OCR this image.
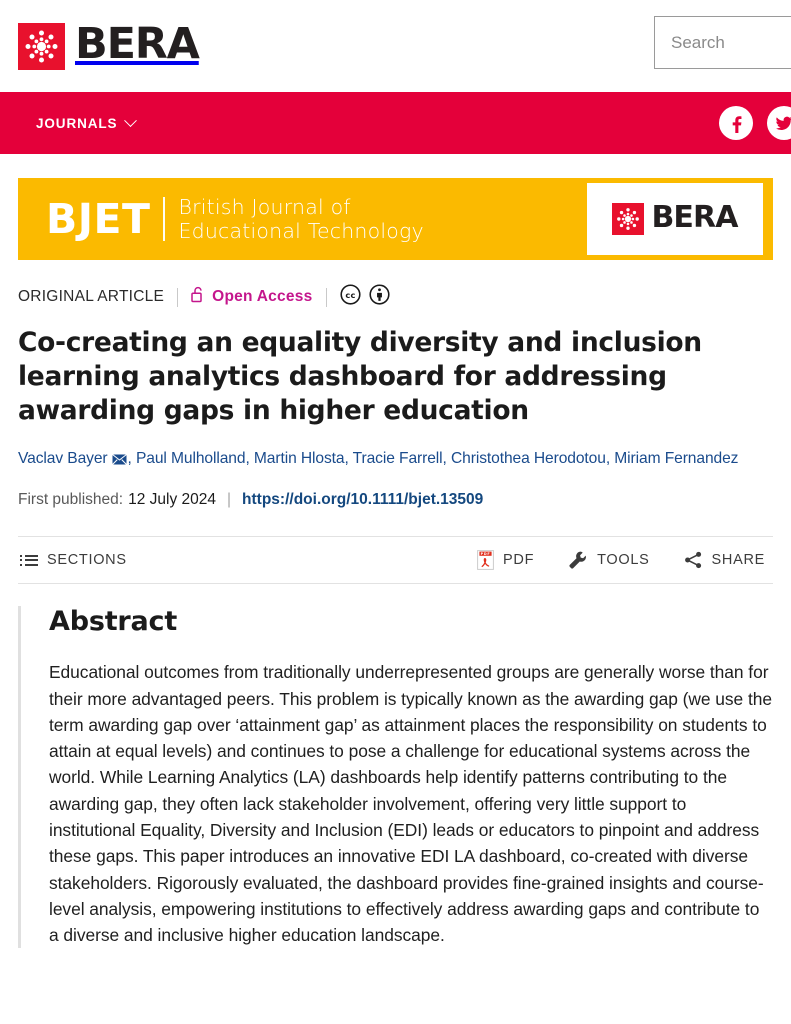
BERA
Search
JOURNALS
BJET British Journal of
Educational Technology	BERA
ORIGINAL ARTICLE	Open Access	cc
Co-creating an equality diversity and inclusion learning analytics dashboard for addressing awarding gaps in higher education
Vaclav Bayer , Paul Mulholland, Martin Hlosta, Tracie Farrell, Christothea Herodotou, Miriam Fernandez
First published: 12 July 2024 | https://doi.org/10.1111/bjet.13509
SECTIONS	PDF PDF	TOOLS	SHARE
Abstract

Educational outcomes from traditionally underrepresented groups are generally worse than for their more advantaged peers. This problem is typically known as the awarding gap (we use the term awarding gap over ‘attainment gap’ as attainment places the responsibility on students to attain at equal levels) and continues to pose a challenge for educational systems across the world. While Learning Analytics (LA) dashboards help identify patterns contributing to the awarding gap, they often lack stakeholder involvement, offering very little support to institutional Equality, Diversity and Inclusion (EDI) leads or educators to pinpoint and address these gaps. This paper introduces an innovative EDI LA dashboard, co-created with diverse stakeholders. Rigorously evaluated, the dashboard provides fine-grained insights and course-level analysis, empowering institutions to effectively address awarding gaps and contribute to a diverse and inclusive higher education landscape.
